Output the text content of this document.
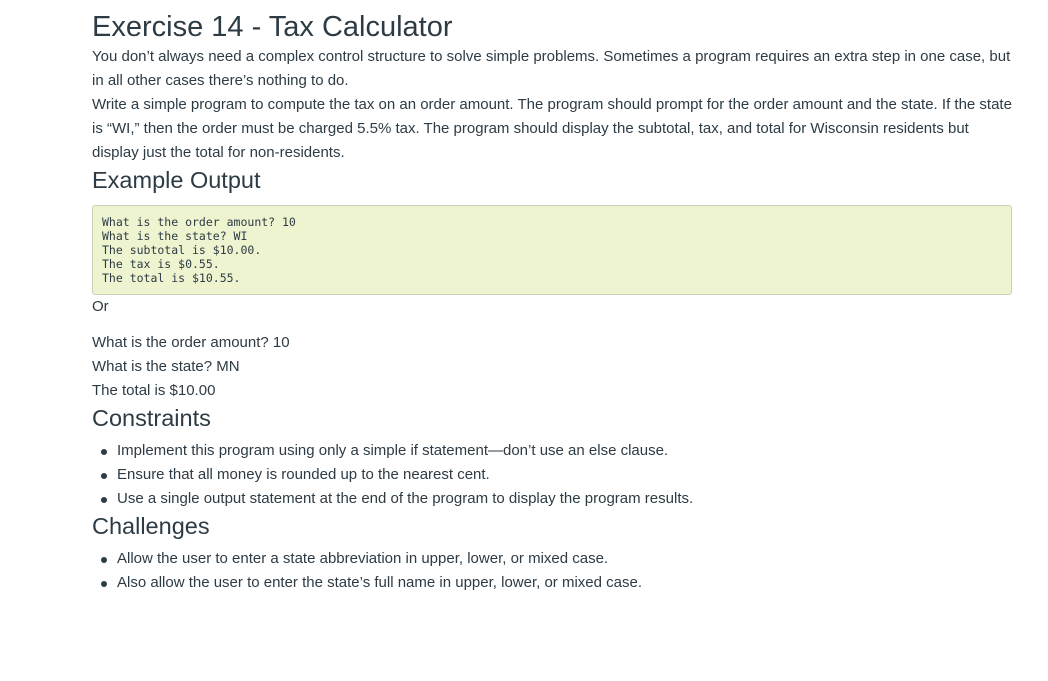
Exercise 14 - Tax Calculator

You don’t always need a complex control structure to solve simple problems. Sometimes a program requires an extra step in one case, but in all other cases there’s nothing to do.

Write a simple program to compute the tax on an order amount. The program should prompt for the order amount and the state. If the state is “WI,” then the order must be charged 5.5% tax. The program should display the subtotal, tax, and total for Wisconsin residents but display just the total for non-residents.

Example Output
What is the order amount? 10
What is the state? WI
The subtotal is $10.00.
The tax is $0.55.
The total is $10.55.

Or

What is the order amount? 10
What is the state? MN
The total is $10.00
Constraints
Implement this program using only a simple if statement—don’t use an else clause.
Ensure that all money is rounded up to the nearest cent.
Use a single output statement at the end of the program to display the program results.
Challenges
Allow the user to enter a state abbreviation in upper, lower, or mixed case.
Also allow the user to enter the state’s full name in upper, lower, or mixed case.
